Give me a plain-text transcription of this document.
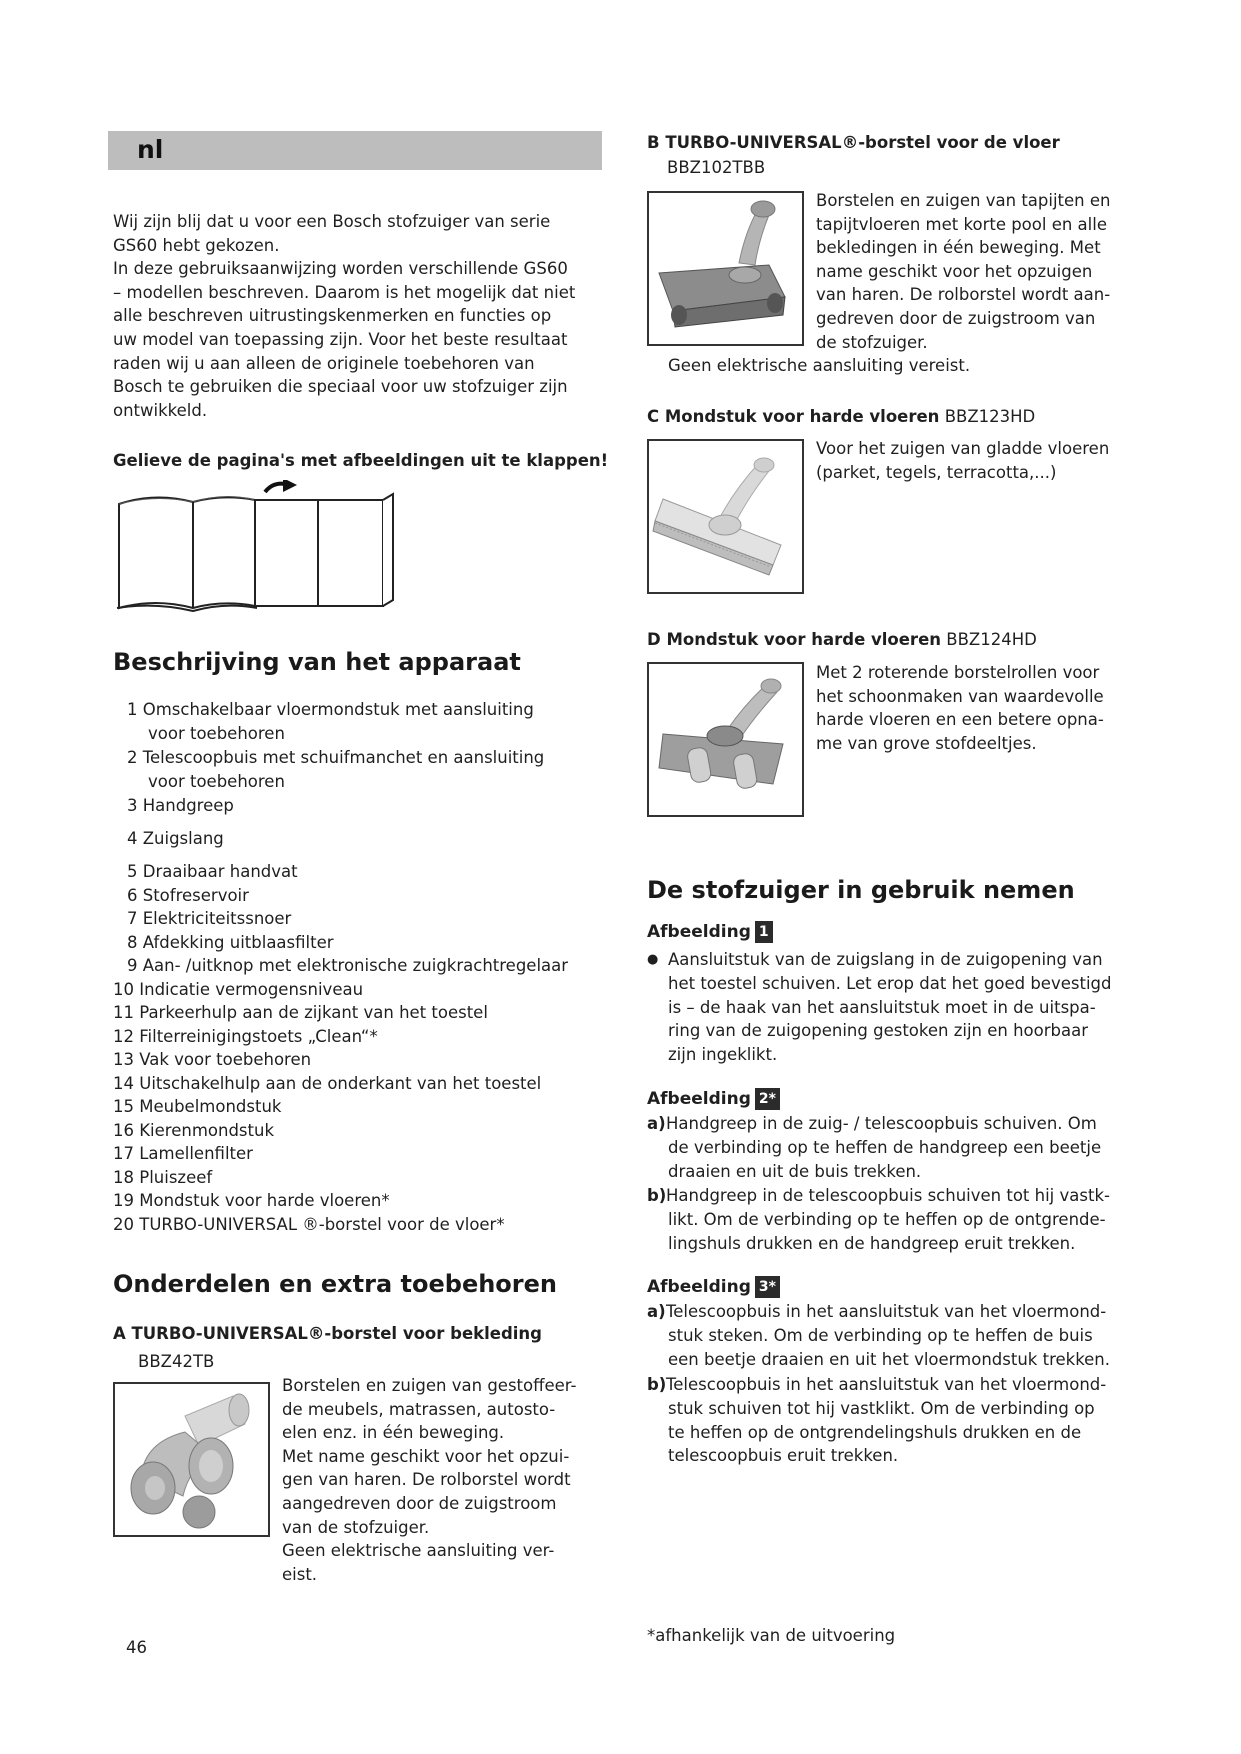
nl
Wij zijn blij dat u voor een Bosch stofzuiger van serie
GS60 hebt gekozen.
In deze gebruiksaanwijzing worden verschillende GS60
– modellen beschreven. Daarom is het mogelijk dat niet
alle beschreven uitrustingskenmerken en functies op
uw model van toepassing zijn. Voor het beste resultaat
raden wij u aan alleen de originele toebehoren van
Bosch te gebruiken die speciaal voor uw stofzuiger zijn
ontwikkeld.
Gelieve de pagina's met afbeeldingen uit te klappen!
Beschrijving van het apparaat
1 Omschakelbaar vloermondstuk met aansluiting
voor toebehoren
2 Telescoopbuis met schuifmanchet en aansluiting
voor toebehoren
3 Handgreep
4 Zuigslang
5 Draaibaar handvat
6 Stofreservoir
7 Elektriciteitssnoer
8 Afdekking uitblaasfilter
9 Aan- /uitknop met elektronische zuigkrachtregelaar
10 Indicatie vermogensniveau
11 Parkeerhulp aan de zijkant van het toestel
12 Filterreinigingstoets „Clean“*
13 Vak voor toebehoren
14 Uitschakelhulp aan de onderkant van het toestel
15 Meubelmondstuk
16 Kierenmondstuk
17 Lamellenfilter
18 Pluiszeef
19 Mondstuk voor harde vloeren*
20 TURBO-UNIVERSAL ®-borstel voor de vloer*
Onderdelen en extra toebehoren
A TURBO-UNIVERSAL®-borstel voor bekleding
BBZ42TB
Borstelen en zuigen van gestoffeer-
de meubels, matrassen, autosto-
elen enz. in één beweging.
Met name geschikt voor het opzui-
gen van haren. De rolborstel wordt
aangedreven door de zuigstroom
van de stofzuiger.
Geen elektrische aansluiting ver-
eist.
46
B TURBO-UNIVERSAL®-borstel voor de vloer
BBZ102TBB
Borstelen en zuigen van tapijten en
tapijtvloeren met korte pool en alle
bekledingen in één beweging. Met
name geschikt voor het opzuigen
van haren. De rolborstel wordt aan-
gedreven door de zuigstroom van
de stofzuiger.
Geen elektrische aansluiting vereist.
C Mondstuk voor harde vloeren BBZ123HD
Voor het zuigen van gladde vloeren
(parket, tegels, terracotta,...)
D Mondstuk voor harde vloeren BBZ124HD
Met 2 roterende borstelrollen voor
het schoonmaken van waardevolle
harde vloeren en een betere opna-
me van grove stofdeeltjes.
De stofzuiger in gebruik nemen
Afbeelding 1
● Aansluitstuk van de zuigslang in de zuigopening van
het toestel schuiven. Let erop dat het goed bevestigd
is – de haak van het aansluitstuk moet in de uitspa-
ring van de zuigopening gestoken zijn en hoorbaar
zijn ingeklikt.
Afbeelding 2*
a) Handgreep in de zuig- / telescoopbuis schuiven. Om
de verbinding op te heffen de handgreep een beetje
draaien en uit de buis trekken.
b) Handgreep in de telescoopbuis schuiven tot hij vastk-
likt. Om de verbinding op te heffen op de ontgrende-
lingshuls drukken en de handgreep eruit trekken.
Afbeelding 3*
a) Telescoopbuis in het aansluitstuk van het vloermond-
stuk steken. Om de verbinding op te heffen de buis
een beetje draaien en uit het vloermondstuk trekken.
b) Telescoopbuis in het aansluitstuk van het vloermond-
stuk schuiven tot hij vastklikt. Om de verbinding op
te heffen op de ontgrendelingshuls drukken en de
telescoopbuis eruit trekken.
*afhankelijk van de uitvoering
